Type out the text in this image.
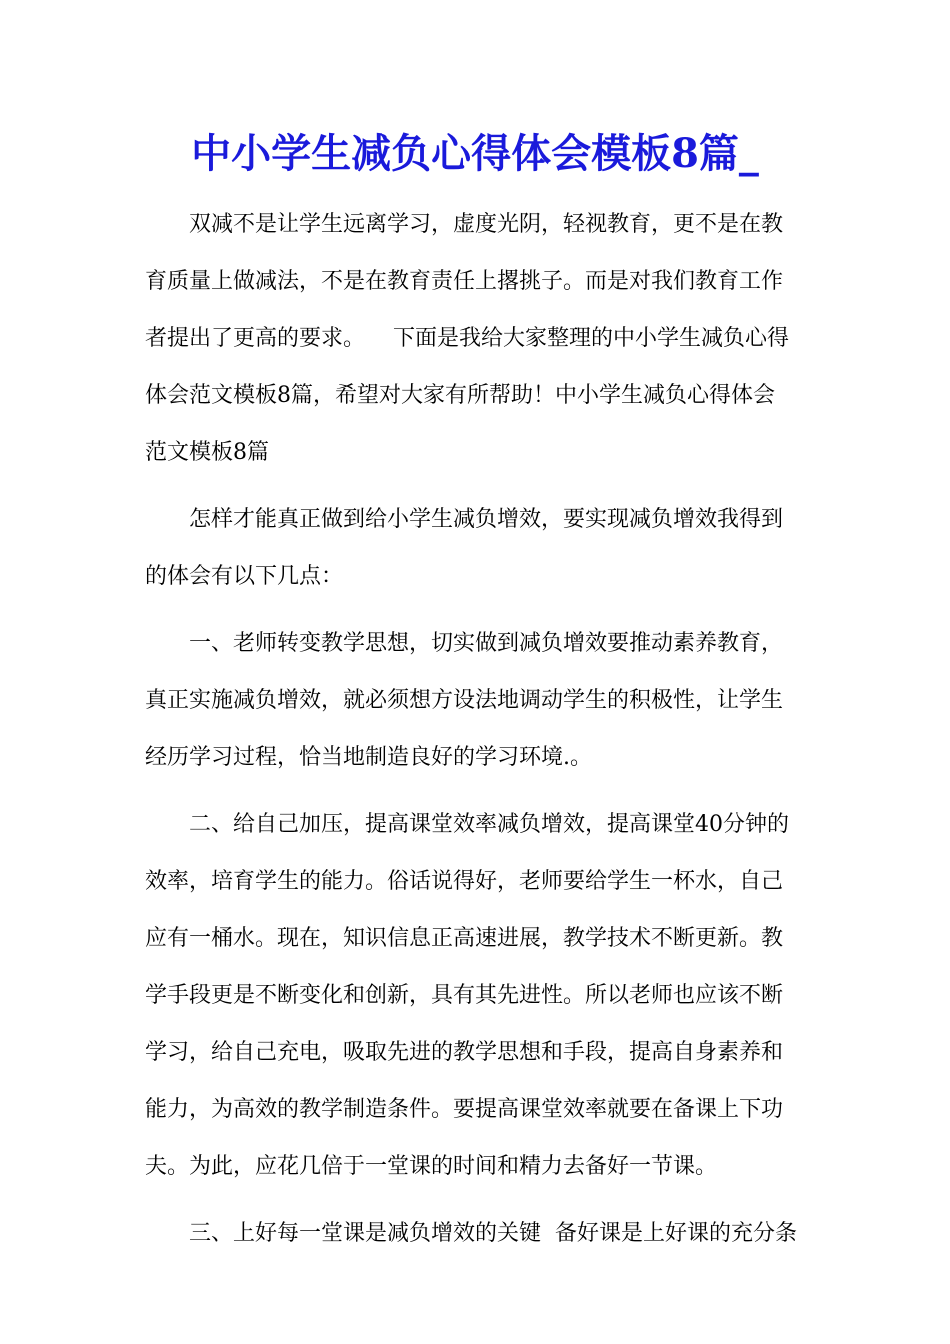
中小学生减负心得体会模板8篇_
双减不是让学生远离学习，虚度光阴，轻视教育，更不是在教
育质量上做减法，不是在教育责任上撂挑子。而是对我们教育工作
者提出了更高的要求。    下面是我给大家整理的中小学生减负心得
体会范文模板8篇，希望对大家有所帮助！中小学生减负心得体会
范文模板8篇
怎样才能真正做到给小学生减负增效，要实现减负增效我得到
的体会有以下几点：
一、老师转变教学思想，切实做到减负增效要推动素养教育，
真正实施减负增效，就必须想方设法地调动学生的积极性，让学生
经历学习过程，恰当地制造良好的学习环境.。
二、给自己加压，提高课堂效率减负增效，提高课堂40分钟的
效率，培育学生的能力。俗话说得好，老师要给学生一杯水，自己
应有一桶水。现在，知识信息正高速进展，教学技术不断更新。教
学手段更是不断变化和创新，具有其先进性。所以老师也应该不断
学习，给自己充电，吸取先进的教学思想和手段，提高自身素养和
能力，为高效的教学制造条件。要提高课堂效率就要在备课上下功
夫。为此，应花几倍于一堂课的时间和精力去备好一节课。
三、上好每一堂课是减负增效的关键  备好课是上好课的充分条
